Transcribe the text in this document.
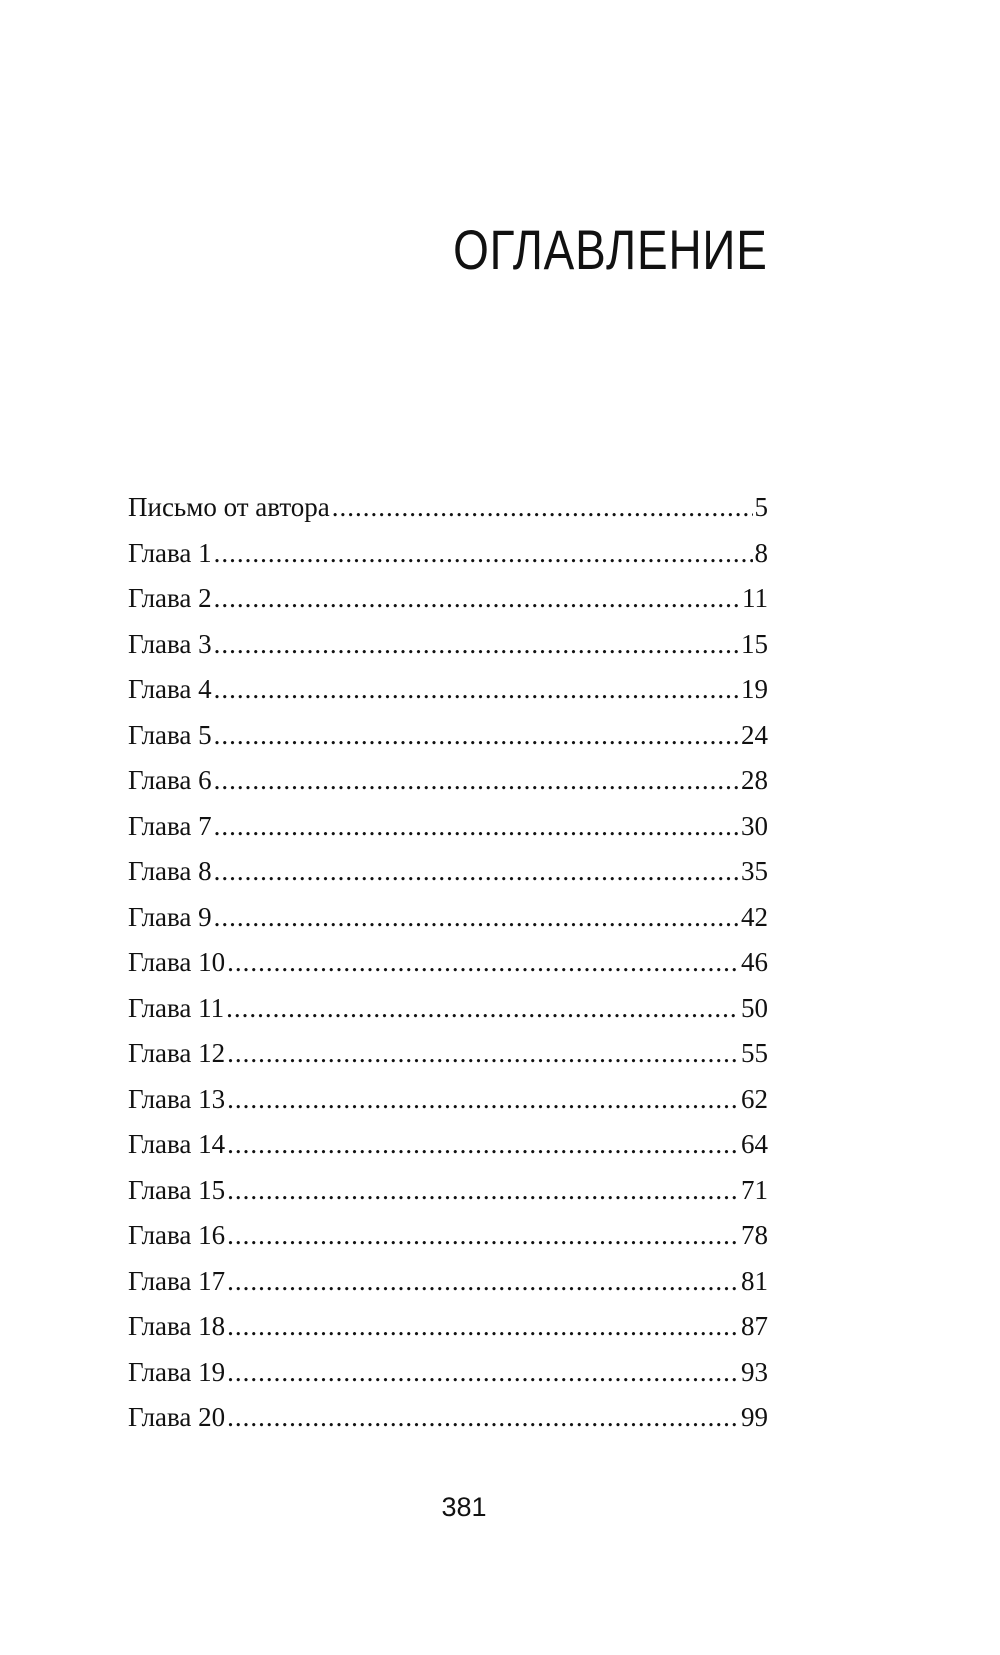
ОГЛАВЛЕНИЕ
Письмо от автора .....	5
Глава 1 .....	8
Глава 2 .....	11
Глава 3 .....	15
Глава 4 .....	19
Глава 5 .....	24
Глава 6 .....	28
Глава 7 .....	30
Глава 8 .....	35
Глава 9 .....	42
Глава 10 .....	46
Глава 11 .....	50
Глава 12 .....	55
Глава 13 .....	62
Глава 14 .....	64
Глава 15 .....	71
Глава 16 .....	78
Глава 17 .....	81
Глава 18 .....	87
Глава 19 .....	93
Глава 20 .....	99

381
